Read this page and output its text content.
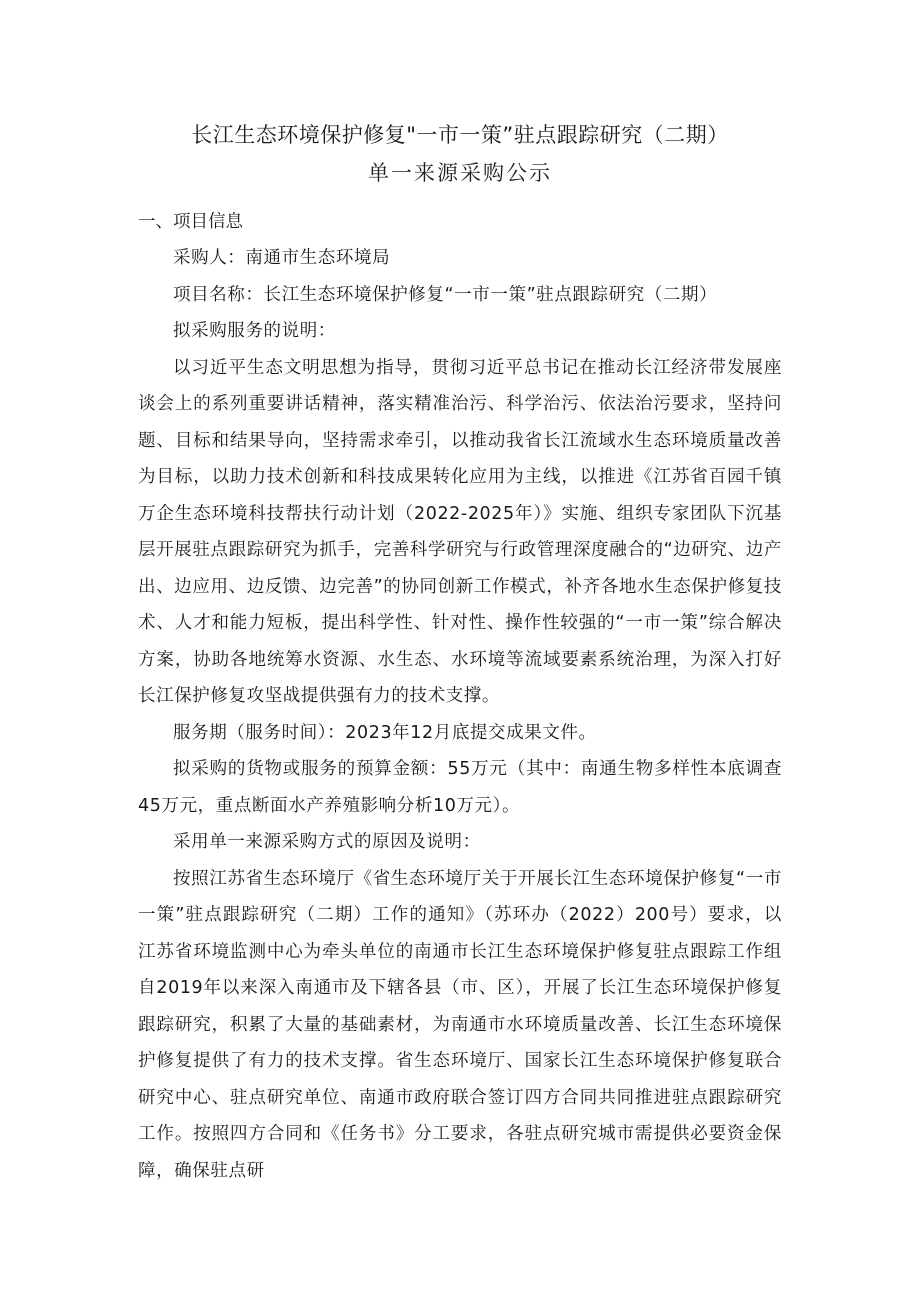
长江生态环境保护修复"一市一策”驻点跟踪研究（二期）
单一来源采购公示
一、项目信息
采购人：南通市生态环境局
项目名称：长江生态环境保护修复“一市一策”驻点跟踪研究（二期）
拟采购服务的说明：

以习近平生态文明思想为指导，贯彻习近平总书记在推动长江经济带发展座谈会上的系列重要讲话精神，落实精准治污、科学治污、依法治污要求，坚持问题、目标和结果导向，坚持需求牵引，以推动我省长江流域水生态环境质量改善为目标，以助力技术创新和科技成果转化应用为主线，以推进《江苏省百园千镇万企生态环境科技帮扶行动计划（2022-2025年）》实施、组织专家团队下沉基层开展驻点跟踪研究为抓手，完善科学研究与行政管理深度融合的“边研究、边产出、边应用、边反馈、边完善”的协同创新工作模式，补齐各地水生态保护修复技术、人才和能力短板，提出科学性、针对性、操作性较强的“一市一策”综合解决方案，协助各地统筹水资源、水生态、水环境等流域要素系统治理，为深入打好长江保护修复攻坚战提供强有力的技术支撑。

服务期（服务时间）：2023年12月底提交成果文件。

拟采购的货物或服务的预算金额：55万元（其中：南通生物多样性本底调查45万元，重点断面水产养殖影响分析10万元）。

采用单一来源采购方式的原因及说明：

按照江苏省生态环境厅《省生态环境厅关于开展长江生态环境保护修复“一市一策”驻点跟踪研究（二期）工作的通知》（苏环办（2022）200号）要求，以江苏省环境监测中心为牵头单位的南通市长江生态环境保护修复驻点跟踪工作组自2019年以来深入南通市及下辖各县（市、区），开展了长江生态环境保护修复跟踪研究，积累了大量的基础素材，为南通市水环境质量改善、长江生态环境保护修复提供了有力的技术支撑。省生态环境厅、国家长江生态环境保护修复联合研究中心、驻点研究单位、南通市政府联合签订四方合同共同推进驻点跟踪研究工作。按照四方合同和《任务书》分工要求，各驻点研究城市需提供必要资金保障，确保驻点研
